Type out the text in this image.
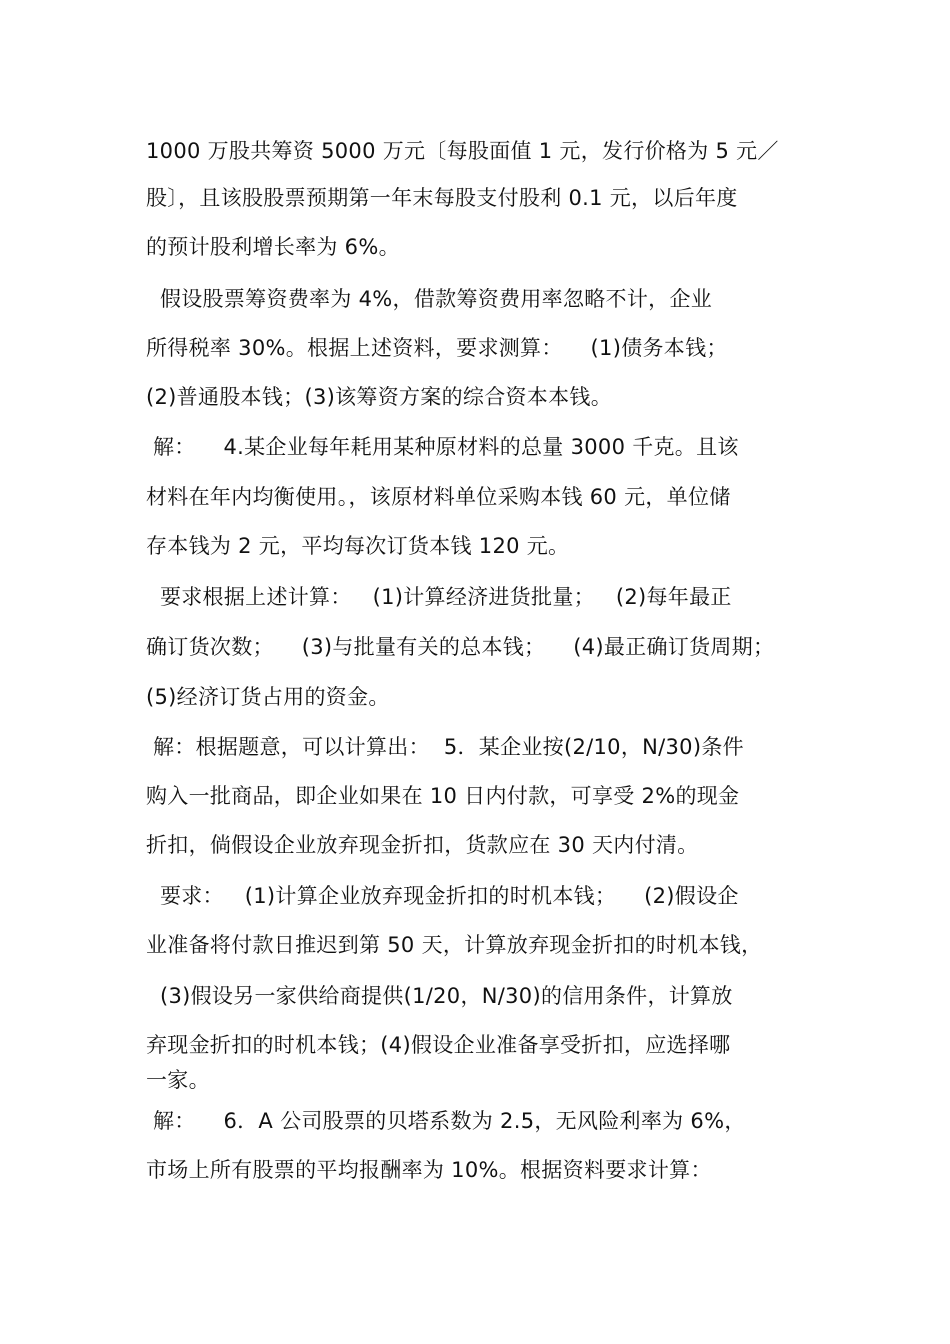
1000 万股共筹资 5000 万元〔每股面值 1 元，发行价格为 5 元／
股〕，且该股股票预期第一年末每股支付股利 0.1 元，以后年度
的预计股利增长率为 6%。
假设股票筹资费率为 4%，借款筹资费用率忽略不计，企业
所得税率 30%。根据上述资料，要求测算：    (1)债务本钱；
(2)普通股本钱；(3)该筹资方案的综合资本本钱。
解：    4.某企业每年耗用某种原材料的总量 3000 千克。且该
材料在年内均衡使用。，该原材料单位采购本钱 60 元，单位储
存本钱为 2 元，平均每次订货本钱 120 元。
要求根据上述计算：   (1)计算经济进货批量；   (2)每年最正
确订货次数；    (3)与批量有关的总本钱；    (4)最正确订货周期；
(5)经济订货占用的资金。
解：根据题意，可以计算出：  5．某企业按(2/10，N/30)条件
购入一批商品，即企业如果在 10 日内付款，可享受 2%的现金
折扣，倘假设企业放弃现金折扣，货款应在 30 天内付清。
要求：   (1)计算企业放弃现金折扣的时机本钱；    (2)假设企
业准备将付款日推迟到第 50 天，计算放弃现金折扣的时机本钱，
(3)假设另一家供给商提供(1/20，N/30)的信用条件，计算放
弃现金折扣的时机本钱；(4)假设企业准备享受折扣，应选择哪
一家。
解：    6．A 公司股票的贝塔系数为 2.5，无风险利率为 6%，
市场上所有股票的平均报酬率为 10%。根据资料要求计算：
